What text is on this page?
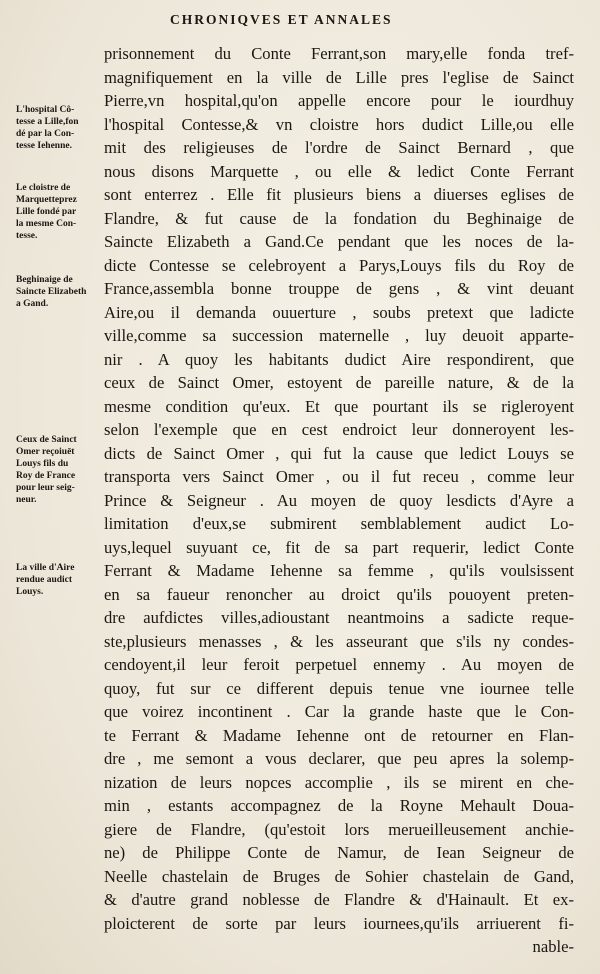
CHRONIQVES ET ANNALES
L'hospital Cô-
tesse a Lille,fon
dé par la Con-
tesse Iehenne.
Le cloistre de
Marquetteprez
Lille fondé par
la mesme Con-
tesse.
Beghinaige de
Saincte Elizabeth
a Gand.
Ceux de Sainct
Omer reçoiuēt
Louys fils du
Roy de France
pour leur seig-
neur.
La ville d'Aire
rendue audict
Louys.
prisonnement du Conte Ferrant,son mary,elle fonda tref-
magnifiquement en la ville de Lille pres l'eglise de Sainct
Pierre,vn hospital,qu'on appelle encore pour le iourdhuy
l'hospital Contesse,& vn cloistre hors dudict Lille,ou elle
mit des religieuses de l'ordre de Sainct Bernard , que
nous disons Marquette , ou elle & ledict Conte Ferrant
sont enterrez . Elle fit plusieurs biens a diuerses eglises de
Flandre, & fut cause de la fondation du Beghinaige de
Saincte Elizabeth a Gand.Ce pendant que les noces de la-
dicte Contesse se celebroyent a Parys,Louys fils du Roy de
France,assembla bonne trouppe de gens , & vint deuant
Aire,ou il demanda ouuerture , soubs pretext que ladicte
ville,comme sa succession maternelle , luy deuoit apparte-
nir . A quoy les habitants dudict Aire respondirent, que
ceux de Sainct Omer, estoyent de pareille nature, & de la
mesme condition qu'eux. Et que pourtant ils se rigleroyent
selon l'exemple que en cest endroict leur donneroyent les-
dicts de Sainct Omer , qui fut la cause que ledict Louys se
transporta vers Sainct Omer , ou il fut receu , comme leur
Prince & Seigneur . Au moyen de quoy lesdicts d'Ayre a
limitation d'eux,se submirent semblablement audict Lo-
uys,lequel suyuant ce, fit de sa part requerir, ledict Conte
Ferrant & Madame Iehenne sa femme , qu'ils voulsissent
en sa faueur renoncher au droict qu'ils pouoyent preten-
dre aufdictes villes,adioustant neantmoins a sadicte reque-
ste,plusieurs menasses , & les asseurant que s'ils ny condes-
cendoyent,il leur feroit perpetuel ennemy . Au moyen de
quoy, fut sur ce different depuis tenue vne iournee telle
que voirez incontinent . Car la grande haste que le Con-
te Ferrant & Madame Iehenne ont de retourner en Flan-
dre , me semont a vous declarer, que peu apres la solemp-
nization de leurs nopces accomplie , ils se mirent en che-
min , estants accompagnez de la Royne Mehault Doua-
giere de Flandre, (qu'estoit lors merueilleusement anchie-
ne) de Philippe Conte de Namur, de Iean Seigneur de
Neelle chastelain de Bruges de Sohier chastelain de Gand,
& d'autre grand noblesse de Flandre & d'Hainault. Et ex-
ploicterent de sorte par leurs iournees,qu'ils arriuerent fi-
nable-
